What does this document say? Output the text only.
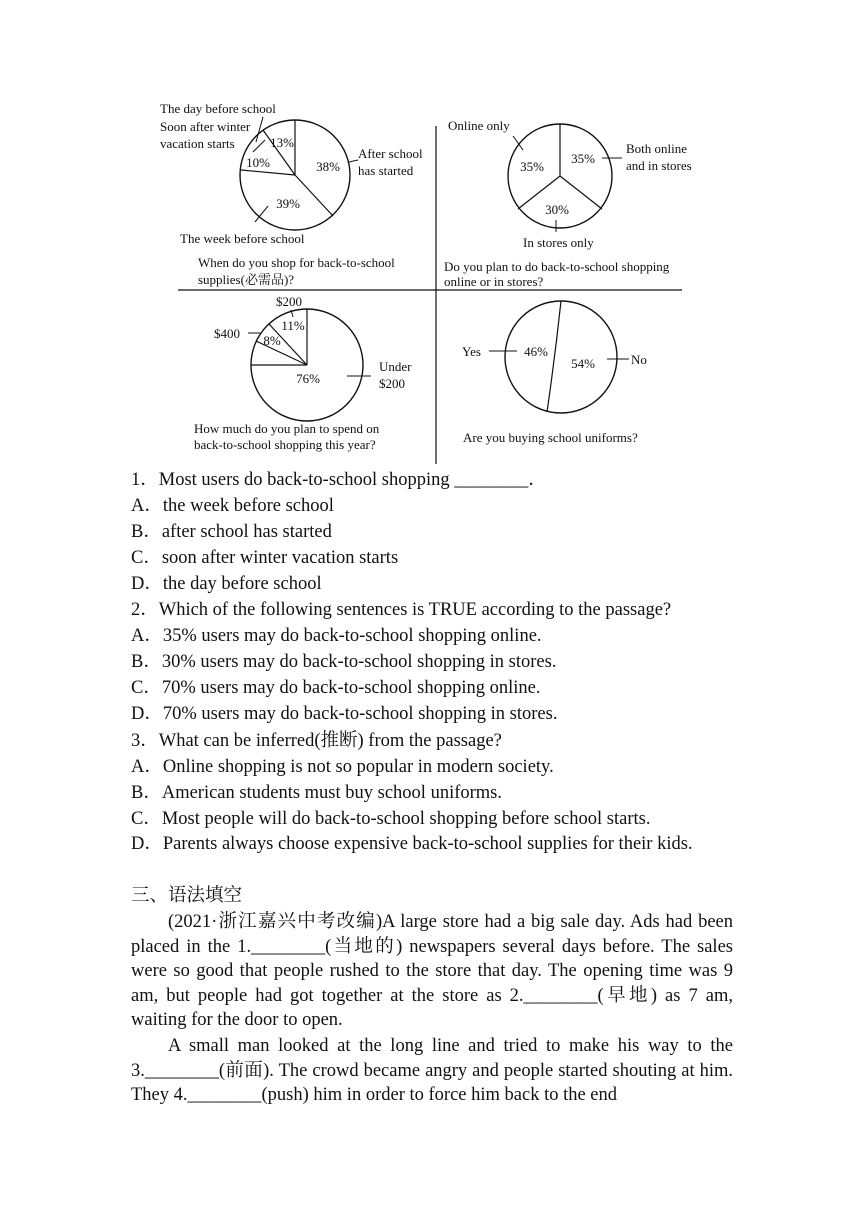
38%
39%
10%
13%
The day before school
Soon after winter
vacation starts
After school
has started
The week before school
When do you shop for back-to-school
supplies(必需品)?
35%
35%
30%
Online only
Both online
and in stores
In stores only
Do you plan to do back-to-school shopping
online or in stores?
76%
8%
11%
$200
$400
Under
$200
How much do you plan to spend on
back-to-school shopping this year?
46%
54%
Yes
No
Are you buying school uniforms?
1．Most users do back-to-school shopping ________．
A．the week before school
B．after school has started
C．soon after winter vacation starts
D．the day before school
2．Which of the following sentences is TRUE according to the passage?
A．35% users may do back-to-school shopping online.
B．30% users may do back-to-school shopping in stores.
C．70% users may do back-to-school shopping online.
D．70% users may do back-to-school shopping in stores.
3．What can be inferred(推断) from the passage?
A．Online shopping is not so popular in modern society.
B．American students must buy school uniforms.
C．Most people will do back-to-school shopping before school starts.
D．Parents always choose expensive back-to-school supplies for their kids.
三、语法填空
(2021·浙江嘉兴中考改编)A large store had a big sale day. Ads had been placed in the 1.________(当地的) newspapers several days before. The sales were so good that people rushed to the store that day. The opening time was 9 am, but people had got together at the store as 2.________(早地) as 7 am, waiting for the door to open.
A small man looked at the long line and tried to make his way to the 3.________(前面). The crowd became angry and people started shouting at him. They 4.________(push) him in order to force him back to the end
